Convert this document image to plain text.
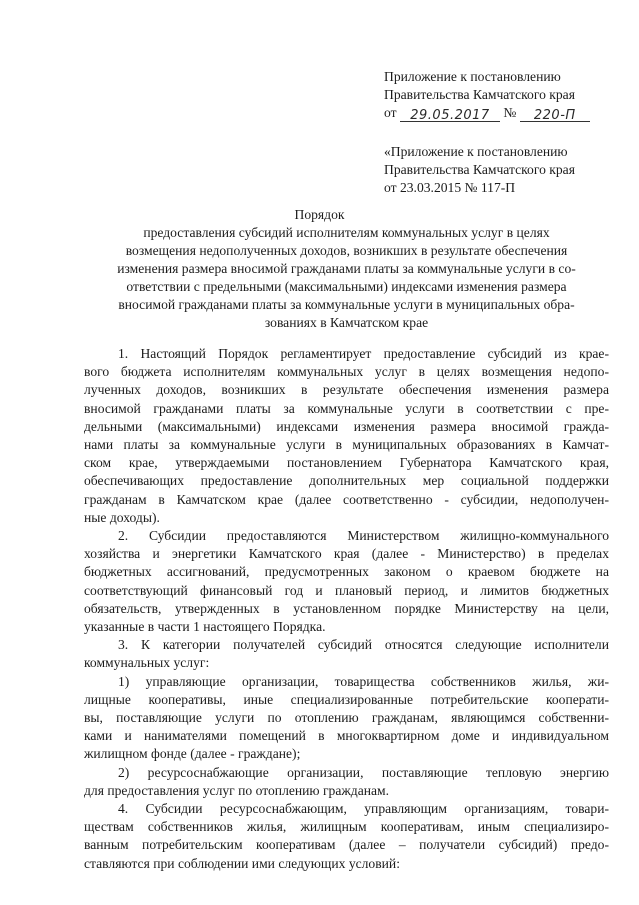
Приложение к постановлению
Правительства Камчатского края
от 29.05.2017 № 220-П
«Приложение к постановлению
Правительства Камчатского края
от 23.03.2015 № 117-П
Порядок
предоставления субсидий исполнителям коммунальных услуг в целях
возмещения недополученных доходов, возникших в результате обеспечения
изменения размера вносимой гражданами платы за коммунальные услуги в со-
ответствии с предельными (максимальными) индексами изменения размера
вносимой гражданами платы за коммунальные услуги в муниципальных обра-
зованиях в Камчатском крае
1. Настоящий Порядок регламентирует предоставление субсидий из крае-
вого бюджета исполнителям коммунальных услуг в целях возмещения недопо-
лученных доходов, возникших в результате обеспечения изменения размера
вносимой гражданами платы за коммунальные услуги в соответствии с пре-
дельными (максимальными) индексами изменения размера вносимой гражда-
нами платы за коммунальные услуги в муниципальных образованиях в Камчат-
ском крае, утверждаемыми постановлением Губернатора Камчатского края,
обеспечивающих предоставление дополнительных мер социальной поддержки
гражданам в Камчатском крае (далее соответственно - субсидии, недополучен-
ные доходы).
2. Субсидии предоставляются Министерством жилищно-коммунального
хозяйства и энергетики Камчатского края (далее - Министерство) в пределах
бюджетных ассигнований, предусмотренных законом о краевом бюджете на
соответствующий финансовый год и плановый период, и лимитов бюджетных
обязательств, утвержденных в установленном порядке Министерству на цели,
указанные в части 1 настоящего Порядка.
3. К категории получателей субсидий относятся следующие исполнители
коммунальных услуг:
1) управляющие организации, товарищества собственников жилья, жи-
лищные кооперативы, иные специализированные потребительские кооперати-
вы, поставляющие услуги по отоплению гражданам, являющимся собственни-
ками и нанимателями помещений в многоквартирном доме и индивидуальном
жилищном фонде (далее - граждане);
2) ресурсоснабжающие организации, поставляющие тепловую энергию
для предоставления услуг по отоплению гражданам.
4. Субсидии ресурсоснабжающим, управляющим организациям, товари-
ществам собственников жилья, жилищным кооперативам, иным специализиро-
ванным потребительским кооперативам (далее – получатели субсидий) предо-
ставляются при соблюдении ими следующих условий:
